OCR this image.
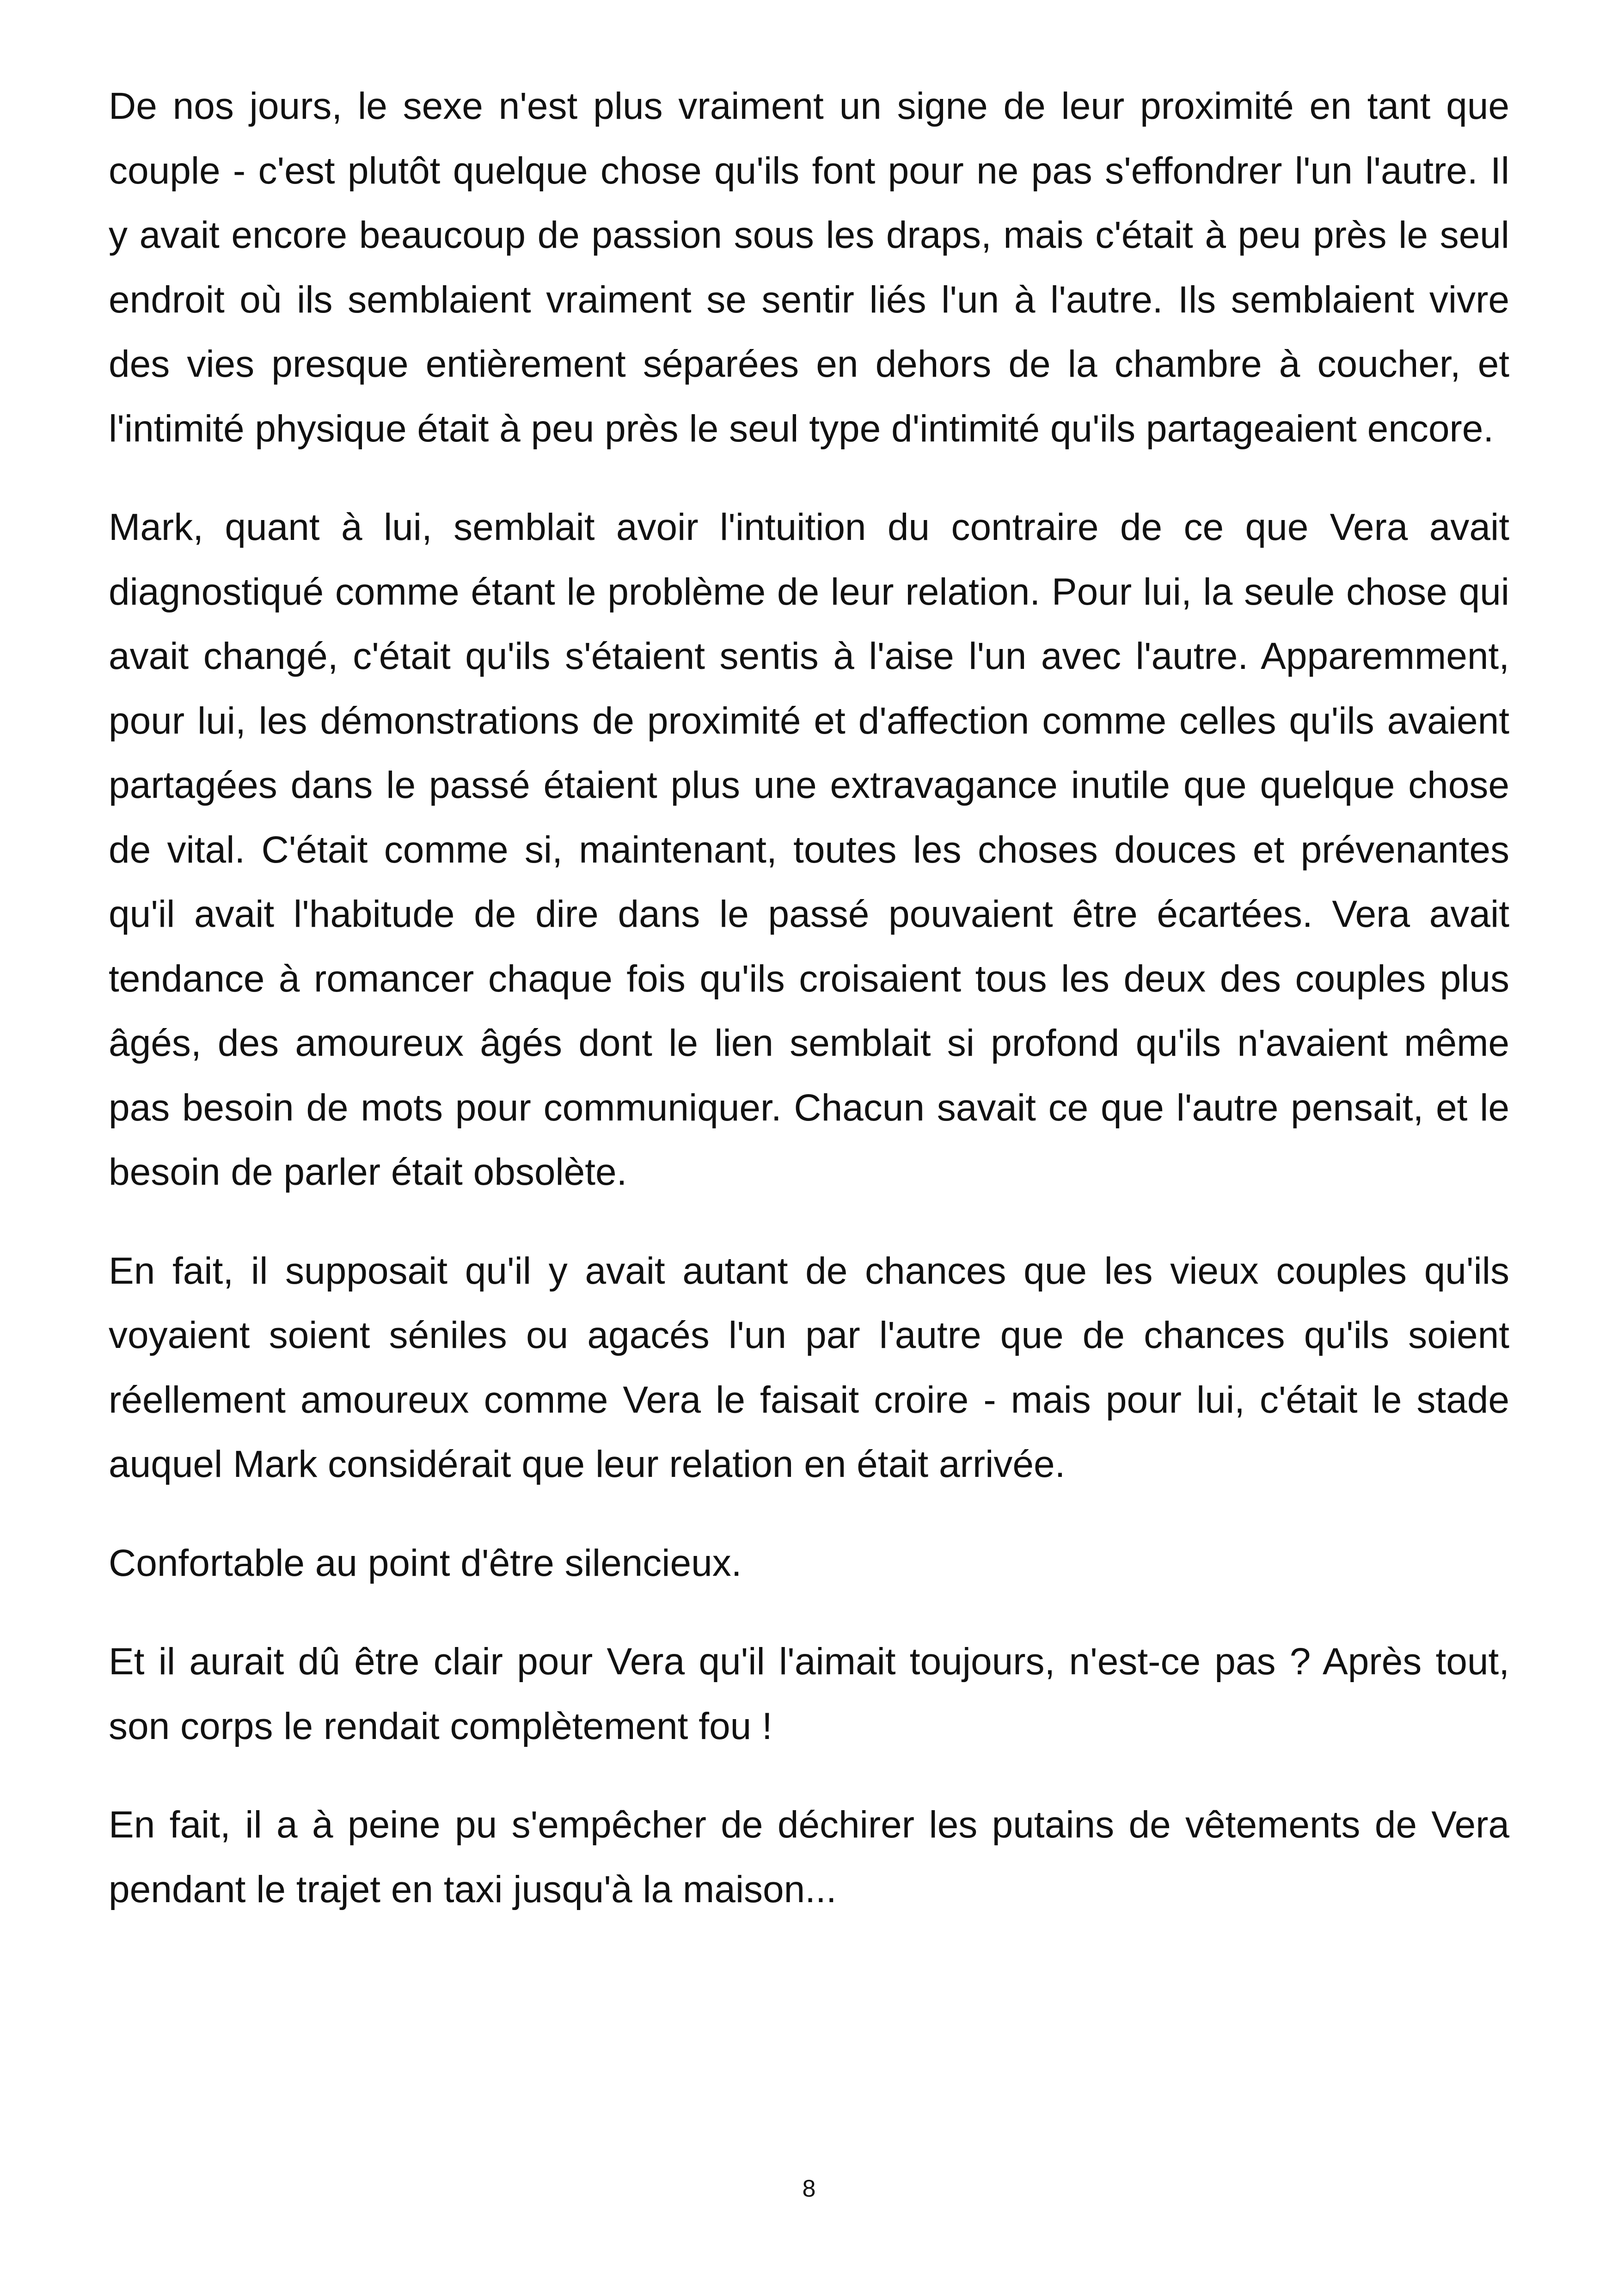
De nos jours, le sexe n'est plus vraiment un signe de leur proximité en tant que couple - c'est plutôt quelque chose qu'ils font pour ne pas s'effondrer l'un l'autre. Il y avait encore beaucoup de passion sous les draps, mais c'était à peu près le seul endroit où ils semblaient vraiment se sentir liés l'un à l'autre. Ils semblaient vivre des vies presque entièrement séparées en dehors de la chambre à coucher, et l'intimité physique était à peu près le seul type d'intimité qu'ils partageaient encore.

Mark, quant à lui, semblait avoir l'intuition du contraire de ce que Vera avait diagnostiqué comme étant le problème de leur relation. Pour lui, la seule chose qui avait changé, c'était qu'ils s'étaient sentis à l'aise l'un avec l'autre. Apparemment, pour lui, les démonstrations de proximité et d'affection comme celles qu'ils avaient partagées dans le passé étaient plus une extravagance inutile que quelque chose de vital. C'était comme si, maintenant, toutes les choses douces et prévenantes qu'il avait l'habitude de dire dans le passé pouvaient être écartées. Vera avait tendance à romancer chaque fois qu'ils croisaient tous les deux des couples plus âgés, des amoureux âgés dont le lien semblait si profond qu'ils n'avaient même pas besoin de mots pour communiquer. Chacun savait ce que l'autre pensait, et le besoin de parler était obsolète.

En fait, il supposait qu'il y avait autant de chances que les vieux couples qu'ils voyaient soient séniles ou agacés l'un par l'autre que de chances qu'ils soient réellement amoureux comme Vera le faisait croire - mais pour lui, c'était le stade auquel Mark considérait que leur relation en était arrivée.

Confortable au point d'être silencieux.

Et il aurait dû être clair pour Vera qu'il l'aimait toujours, n'est-ce pas ? Après tout, son corps le rendait complètement fou !

En fait, il a à peine pu s'empêcher de déchirer les putains de vêtements de Vera pendant le trajet en taxi jusqu'à la maison...

8
